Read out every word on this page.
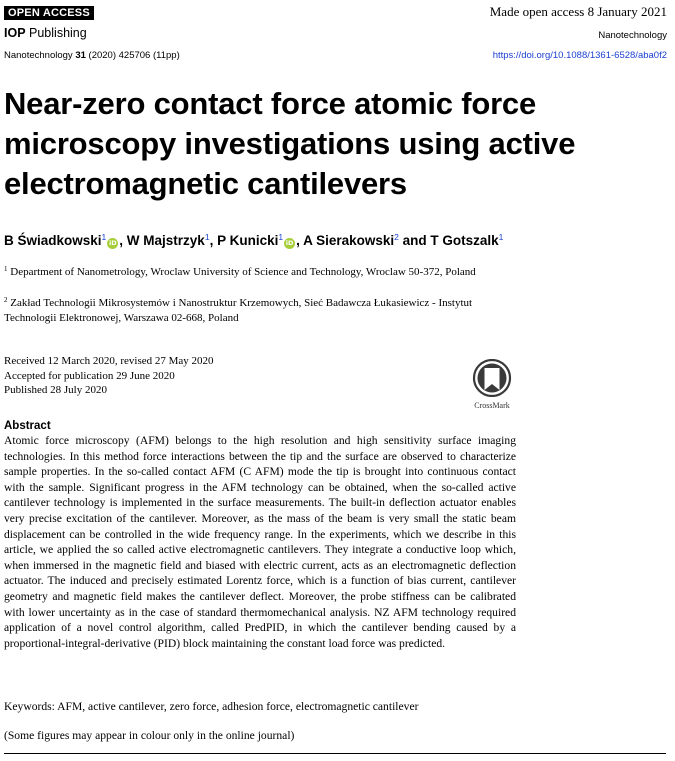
OPEN ACCESS	Made open access 8 January 2021
IOP Publishing	Nanotechnology
Nanotechnology 31 (2020) 425706 (11pp)	https://doi.org/10.1088/1361-6528/aba0f2
Near-zero contact force atomic force microscopy investigations using active electromagnetic cantilevers
B Świadkowski$^1$iD , W Majstrzyk$^1$, P Kunicki$^1$iD , A Sierakowski$^2$ and T Gotszalk$^1$
$^1$ Department of Nanometrology, Wroclaw University of Science and Technology, Wroclaw 50-372, Poland
$^2$ Zakład Technologii Mikrosystemów i Nanostruktur Krzemowych, Sieć Badawcza Łukasiewicz - Instytut Technologii Elektronowej, Warszawa 02-668, Poland
Received 12 March 2020, revised 27 May 2020
Accepted for publication 29 June 2020
Published 28 July 2020
CrossMark
Abstract
Atomic force microscopy (AFM) belongs to the high resolution and high sensitivity surface imaging technologies. In this method force interactions between the tip and the surface are observed to characterize sample properties. In the so-called contact AFM (C AFM) mode the tip is brought into continuous contact with the sample. Significant progress in the AFM technology can be obtained, when the so-called active cantilever technology is implemented in the surface measurements. The built-in deflection actuator enables very precise excitation of the cantilever. Moreover, as the mass of the beam is very small the static beam displacement can be controlled in the wide frequency range. In the experiments, which we describe in this article, we applied the so called active electromagnetic cantilevers. They integrate a conductive loop which, when immersed in the magnetic field and biased with electric current, acts as an electromagnetic deflection actuator. The induced and precisely estimated Lorentz force, which is a function of bias current, cantilever geometry and magnetic field makes the cantilever deflect. Moreover, the probe stiffness can be calibrated with lower uncertainty as in the case of standard thermomechanical analysis. NZ AFM technology required application of a novel control algorithm, called PredPID, in which the cantilever bending caused by a proportional-integral-derivative (PID) block maintaining the constant load force was predicted.
Keywords: AFM, active cantilever, zero force, adhesion force, electromagnetic cantilever
(Some figures may appear in colour only in the online journal)
